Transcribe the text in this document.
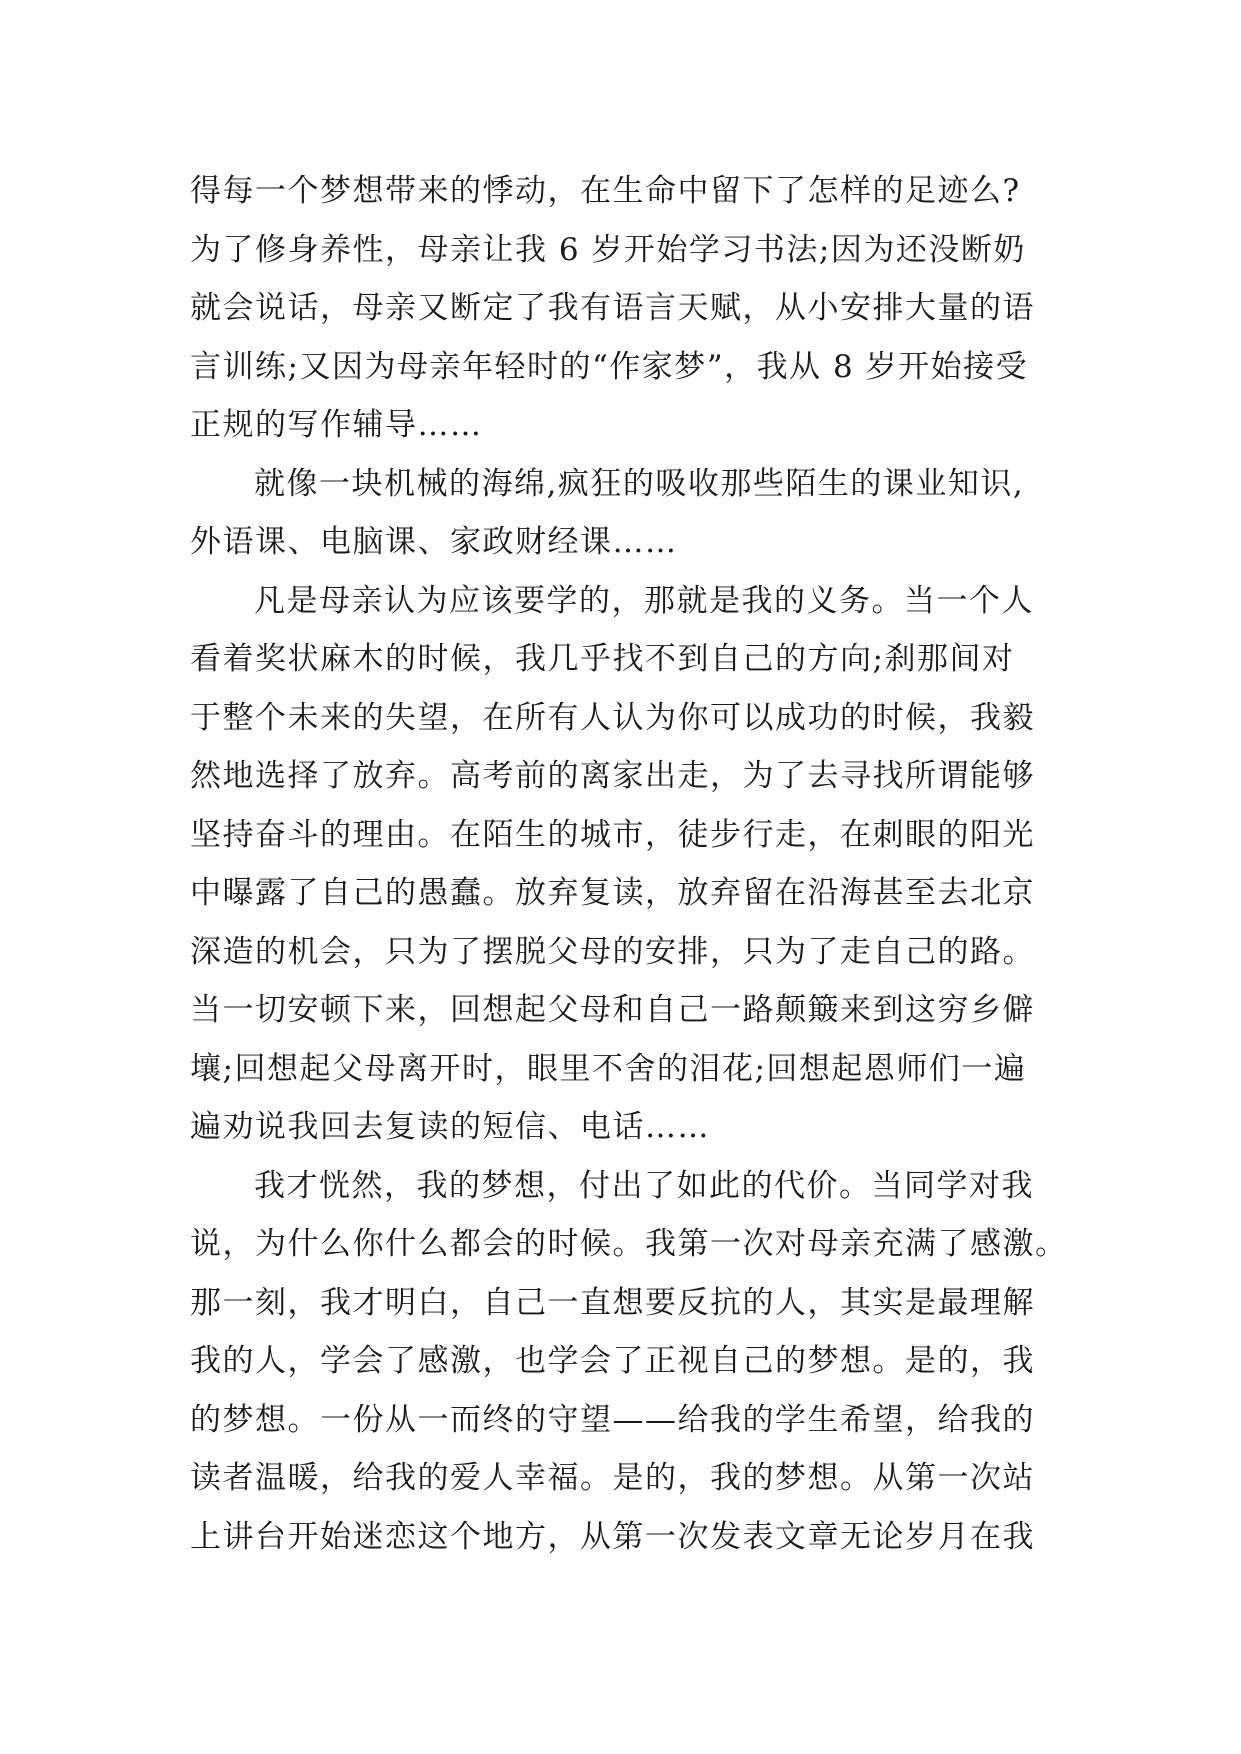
得每一个梦想带来的悸动，在生命中留下了怎样的足迹么?
为了修身养性，母亲让我 6 岁开始学习书法;因为还没断奶
就会说话，母亲又断定了我有语言天赋，从小安排大量的语
言训练;又因为母亲年轻时的“作家梦”，我从 8 岁开始接受
正规的写作辅导……
就像一块机械的海绵,疯狂的吸收那些陌生的课业知识,
外语课、电脑课、家政财经课……
凡是母亲认为应该要学的，那就是我的义务。当一个人
看着奖状麻木的时候，我几乎找不到自己的方向;刹那间对
于整个未来的失望，在所有人认为你可以成功的时候，我毅
然地选择了放弃。高考前的离家出走，为了去寻找所谓能够
坚持奋斗的理由。在陌生的城市，徒步行走，在刺眼的阳光
中曝露了自己的愚蠢。放弃复读，放弃留在沿海甚至去北京
深造的机会，只为了摆脱父母的安排，只为了走自己的路。
当一切安顿下来，回想起父母和自己一路颠簸来到这穷乡僻
壤;回想起父母离开时，眼里不舍的泪花;回想起恩师们一遍
遍劝说我回去复读的短信、电话……
我才恍然，我的梦想，付出了如此的代价。当同学对我
说，为什么你什么都会的时候。我第一次对母亲充满了感激。
那一刻，我才明白，自己一直想要反抗的人，其实是最理解
我的人，学会了感激，也学会了正视自己的梦想。是的，我
的梦想。一份从一而终的守望——给我的学生希望，给我的
读者温暖，给我的爱人幸福。是的，我的梦想。从第一次站
上讲台开始迷恋这个地方，从第一次发表文章无论岁月在我
